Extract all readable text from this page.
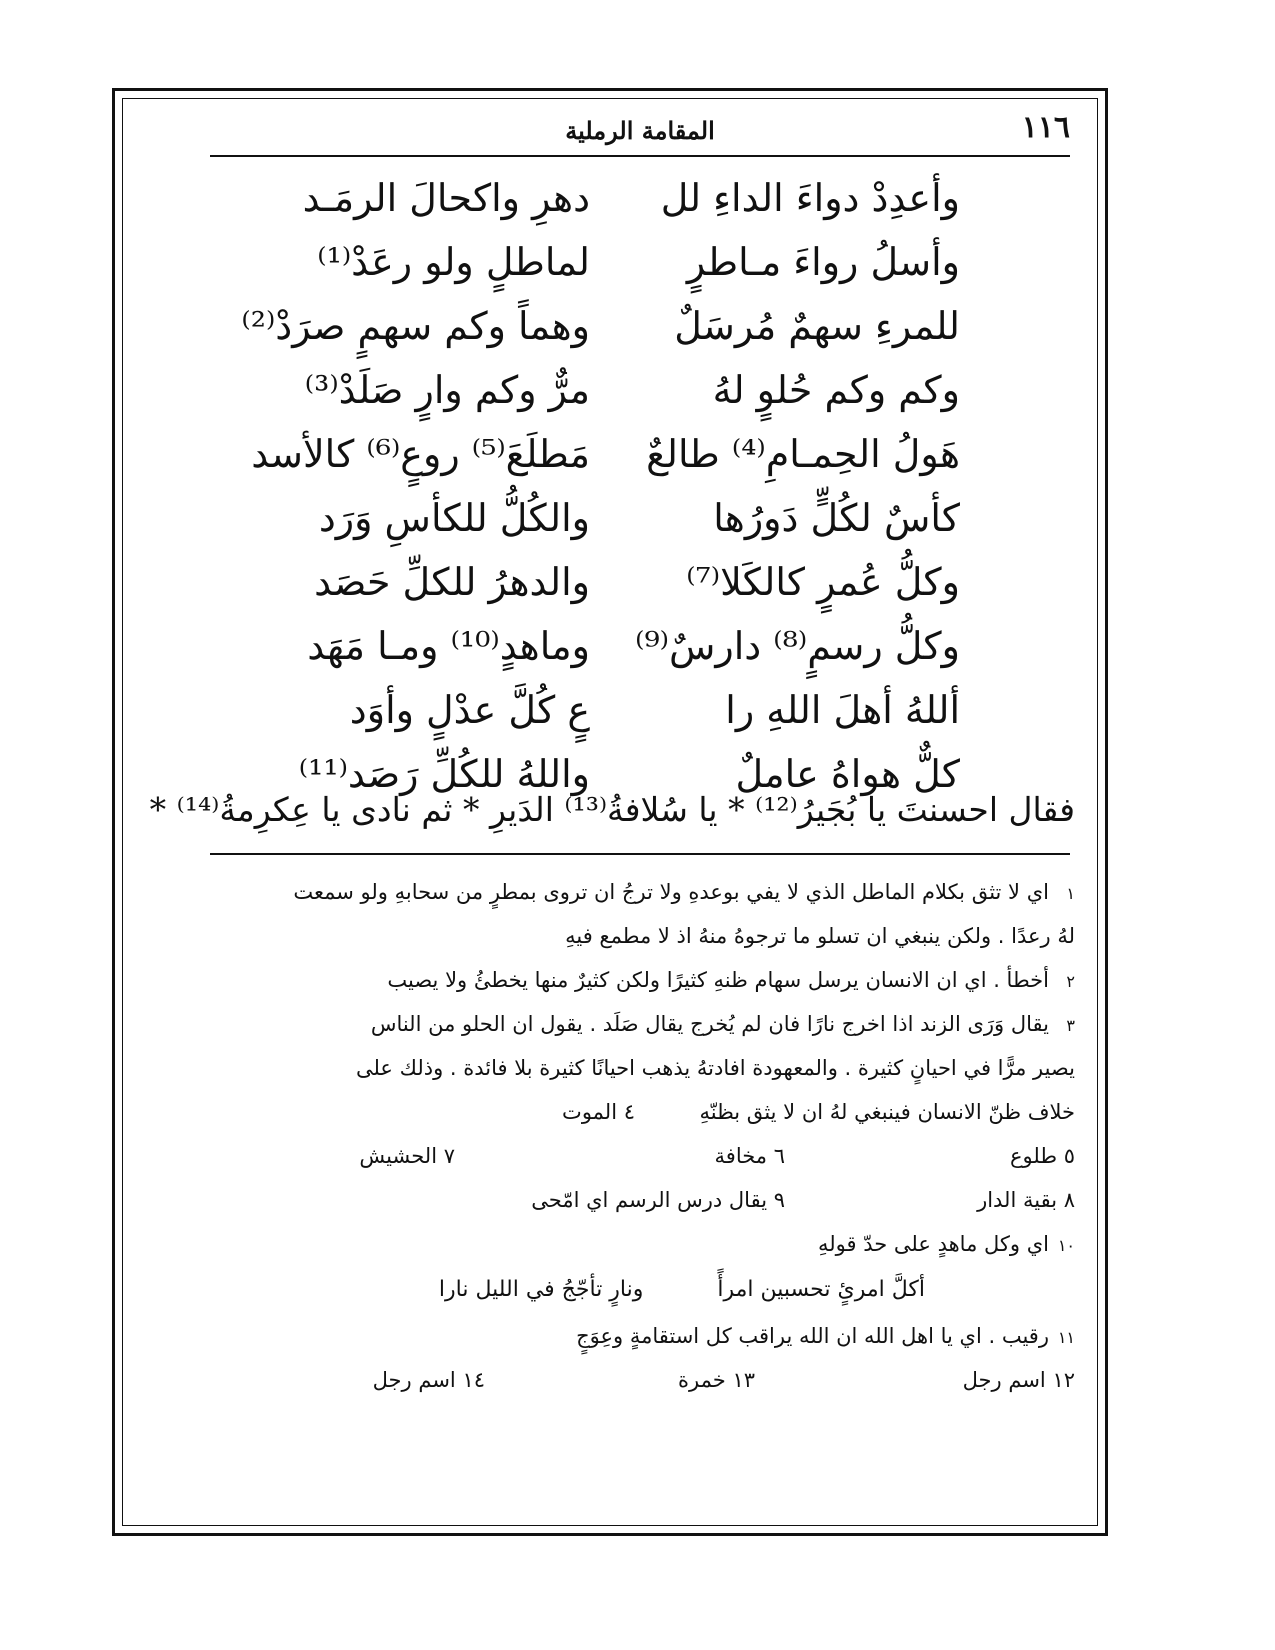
١١٦
المقامة الرملية
وأعدِدْ دواءَ الداءِ لل
دهرِ واكحالَ الرمَـد
وأسلُ رواءَ مـاطرٍ
لماطلٍ ولو رعَدْ⁽¹⁾
للمرءِ سهمٌ مُرسَلٌ
وهماً وكم سهمٍ صرَدْ⁽²⁾
وكم وكم حُلوٍ لهُ
مرٌّ وكم وارٍ صَلَدْ⁽³⁾
هَولُ الحِمـامِ⁽⁴⁾ طالعٌ
مَطلَعَ⁽⁵⁾ روعٍ⁽⁶⁾ كالأسد
كأسٌ لكُلٍّ دَورُها
والكُلُّ للكأسِ وَرَد
وكلُّ عُمرٍ كالكَلا⁽⁷⁾
والدهرُ للكلِّ حَصَد
وكلُّ رسمٍ⁽⁸⁾ دارسٌ⁽⁹⁾
وماهدٍ⁽¹⁰⁾ ومـا مَهَد
أللهُ أهلَ اللهِ را
عٍ كُلَّ عدْلٍ وأوَد
كلٌّ هواهُ عاملٌ
واللهُ للكُلِّ رَصَد⁽¹¹⁾
فقال احسنتَ يا بُجَيرُ⁽¹²⁾ * يا سُلافةُ⁽¹³⁾ الدَيرِ * ثم نادى يا عِكرِمةُ⁽¹⁴⁾ *
١اي لا تثق بكلام الماطل الذي لا يفي بوعدهِ ولا ترجُ ان تروى بمطرٍ من سحابهِ ولو سمعت
لهُ رعدًا . ولكن ينبغي ان تسلو ما ترجوهُ منهُ اذ لا مطمع فيهِ
٢أخطأ . اي ان الانسان يرسل سهام ظنهِ كثيرًا ولكن كثيرٌ منها يخطئُ ولا يصيب
٣يقال وَرَى الزند اذا اخرج نارًا فان لم يُخرج يقال صَلَد . يقول ان الحلو من الناس
يصير مرًّا في احيانٍ كثيرة . والمعهودة افادتهُ يذهب احيانًا كثيرة بلا فائدة . وذلك على
خلاف ظنّ الانسان فينبغي لهُ ان لا يثق بظنّهِ
٤ الموت
٥ طلوع
٦ مخافة
٧ الحشيش
٨ بقية الدار
٩ يقال درس الرسم اي امّحى
١٠اي وكل ماهدٍ على حدّ قولهِ
أكلَّ امرئٍ تحسبين امرأً  ونارٍ تأجّجُ في الليل نارا
١١رقيب . اي يا اهل الله ان الله يراقب كل استقامةٍ وعِوَجٍ
١٢ اسم رجل
١٣ خمرة
١٤ اسم رجل
